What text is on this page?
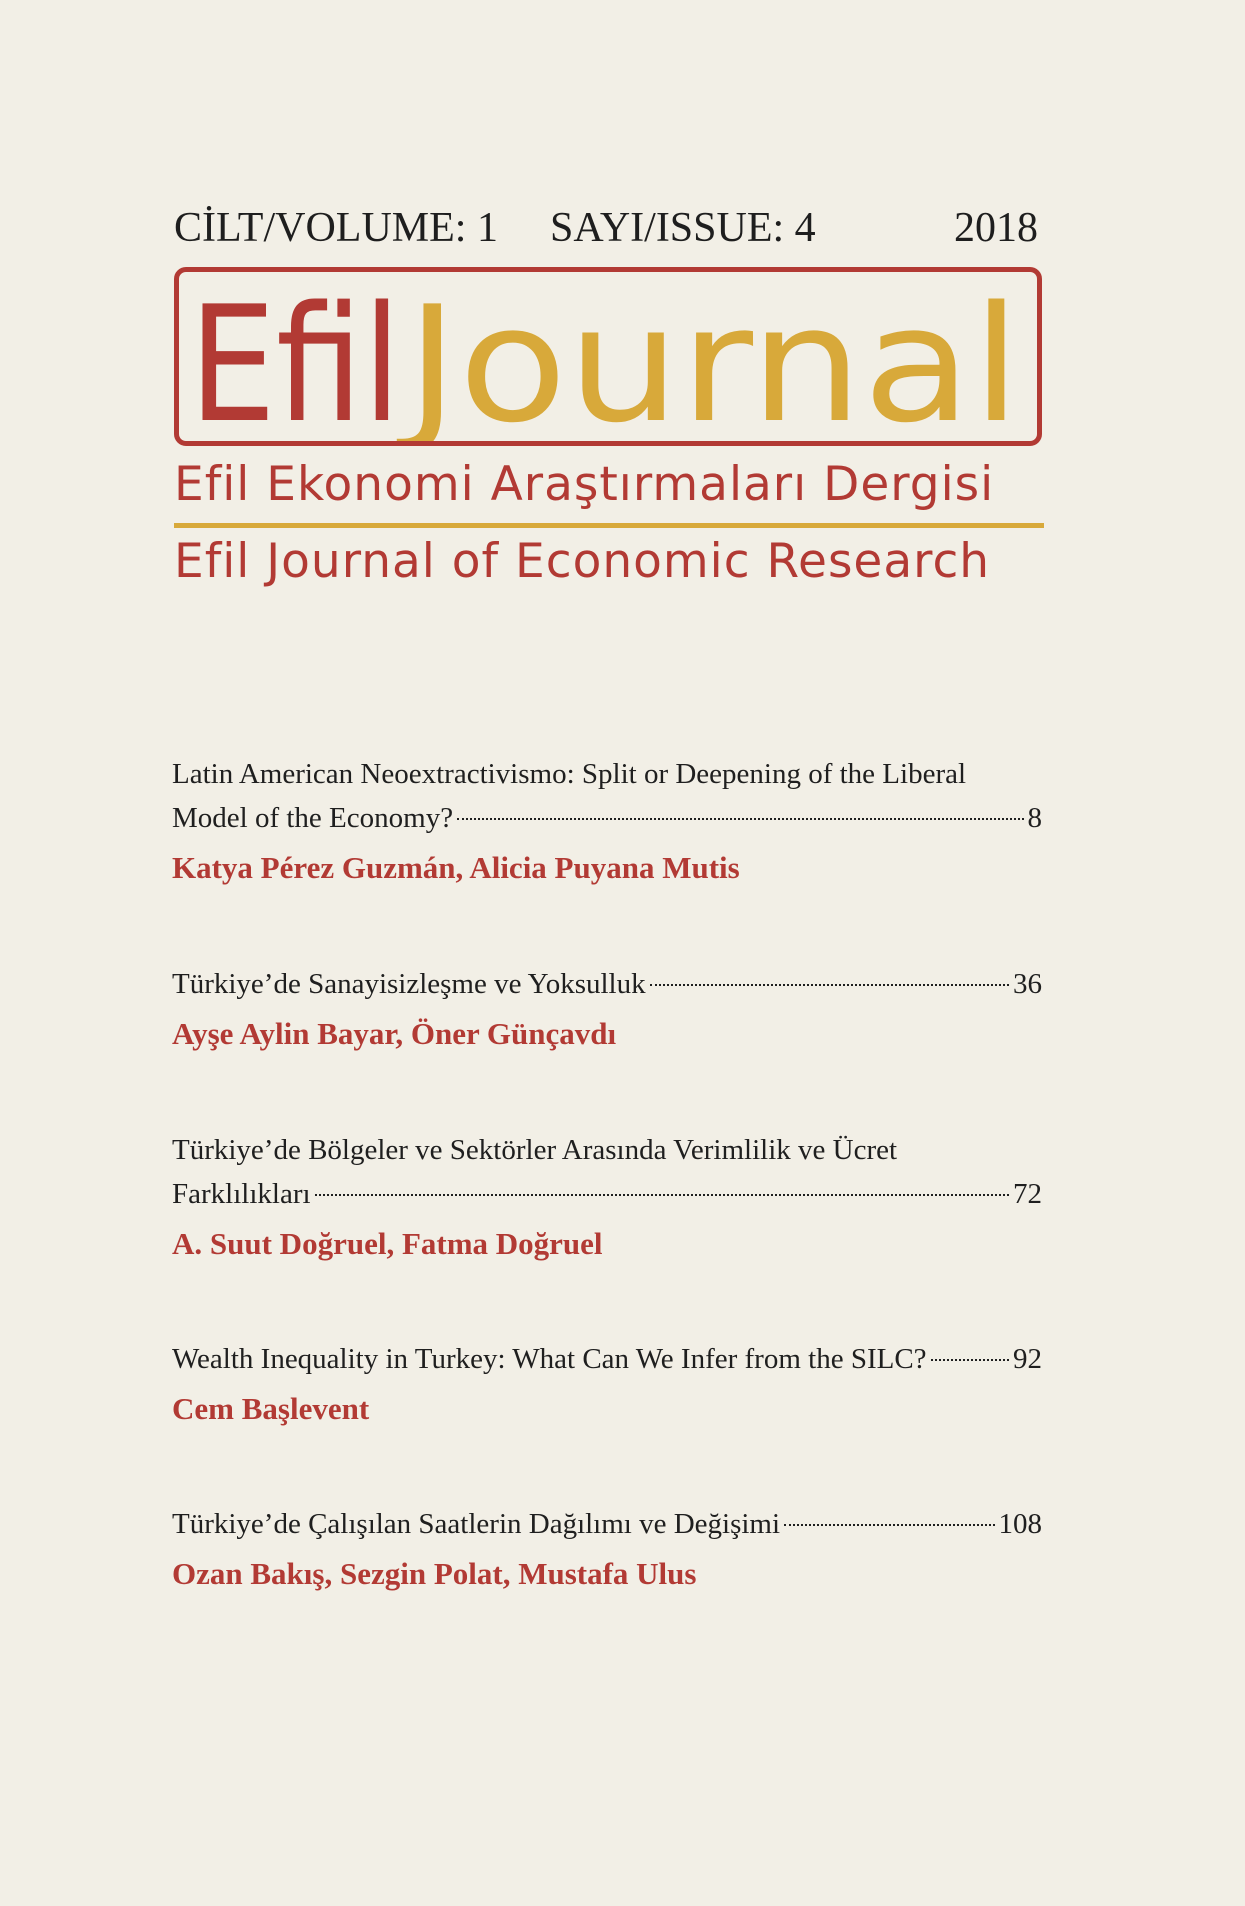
CİLT/VOLUME: 1 SAYI/ISSUE: 4	2018
Efil
Journal
Efil Ekonomi Araştırmaları Dergisi
Efil Journal of Economic Research
Latin American Neoextractivismo: Split or Deepening of the Liberal
Model of the Economy?	8
Katya Pérez Guzmán, Alicia Puyana Mutis
Türkiye’de Sanayisizleşme ve Yoksulluk	36
Ayşe Aylin Bayar, Öner Günçavdı
Türkiye’de Bölgeler ve Sektörler Arasında Verimlilik ve Ücret
Farklılıkları	72
A. Suut Doğruel, Fatma Doğruel
Wealth Inequality in Turkey: What Can We Infer from the SILC?	92
Cem Başlevent
Türkiye’de Çalışılan Saatlerin Dağılımı ve Değişimi	108
Ozan Bakış, Sezgin Polat, Mustafa Ulus
